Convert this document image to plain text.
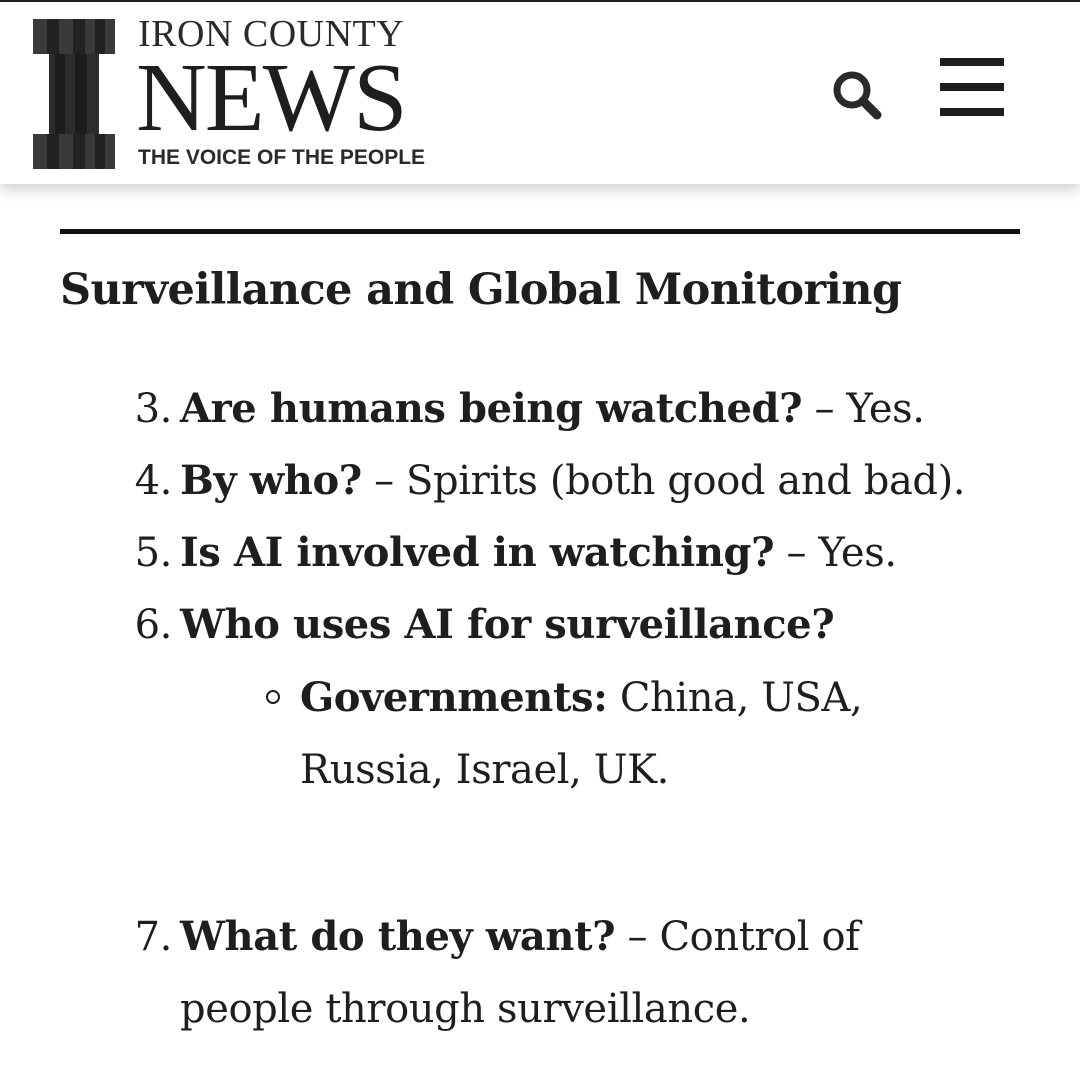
IRON COUNTY
NEWS
THE VOICE OF THE PEOPLE
Surveillance and Global Monitoring
3. Are humans being watched? – Yes.
4. By who? – Spirits (both good and bad).
5. Is AI involved in watching? – Yes.
6. Who uses AI for surveillance?
Governments: China, USA,
Russia, Israel, UK.
7. What do they want? – Control of
people through surveillance.
